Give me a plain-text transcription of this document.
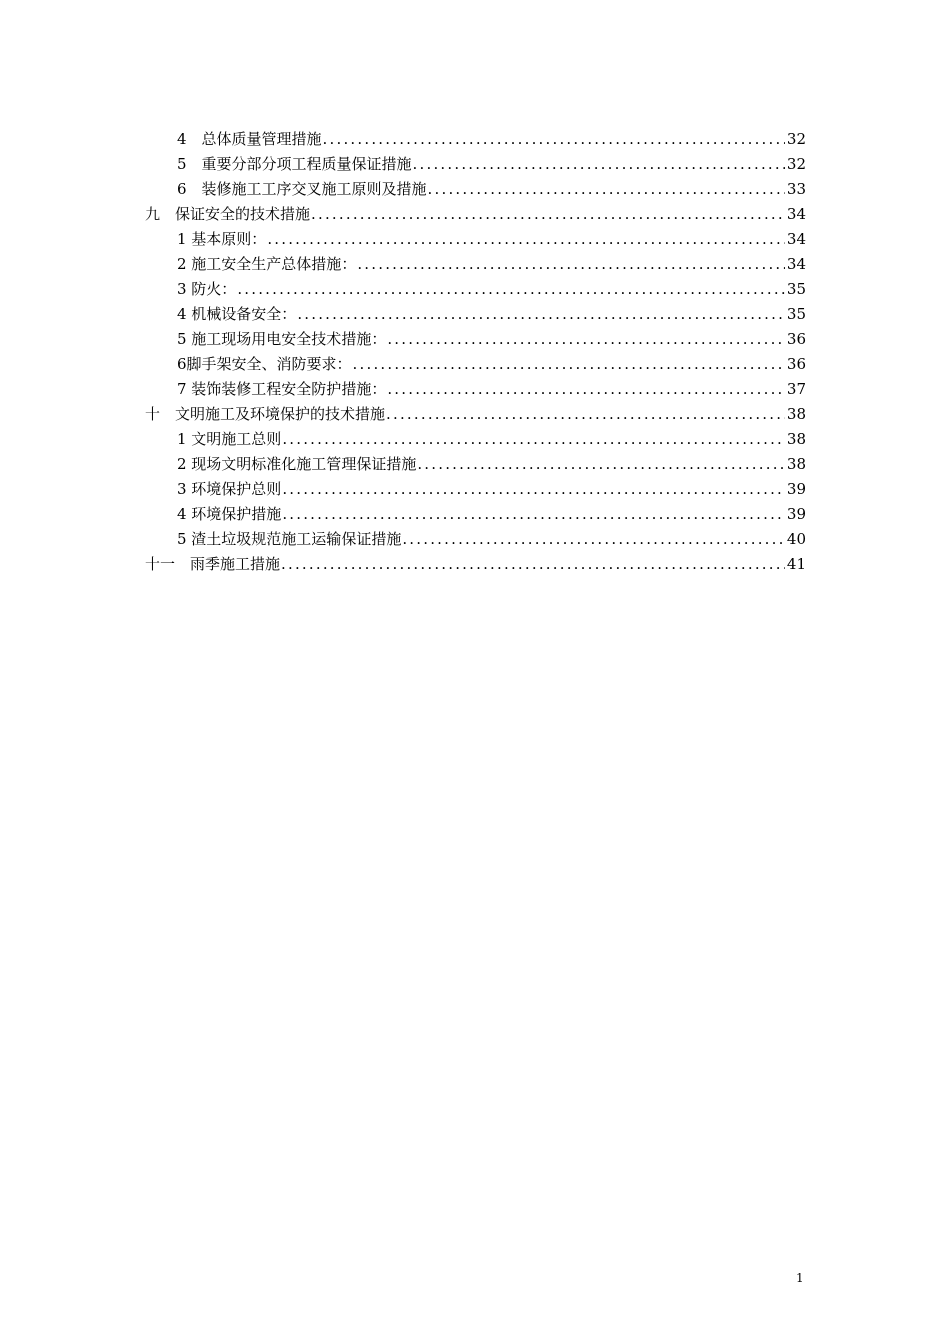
4 总体质量管理措施 .....	32
5 重要分部分项工程质量保证措施 .....	32
6 装修施工工序交叉施工原则及措施 .....	33
九 保证安全的技术措施 .....	34
1 基本原则： .....	34
2 施工安全生产总体措施： .....	34
3 防火： .....	35
4 机械设备安全： .....	35
5 施工现场用电安全技术措施： .....	36
6脚手架安全、消防要求： .....	36
7 装饰装修工程安全防护措施： .....	37
十 文明施工及环境保护的技术措施 .....	38
1 文明施工总则 .....	38
2 现场文明标准化施工管理保证措施 .....	38
3 环境保护总则 .....	39
4 环境保护措施 .....	39
5 渣土垃圾规范施工运输保证措施 .....	40
十一 雨季施工措施 .....	41
1
